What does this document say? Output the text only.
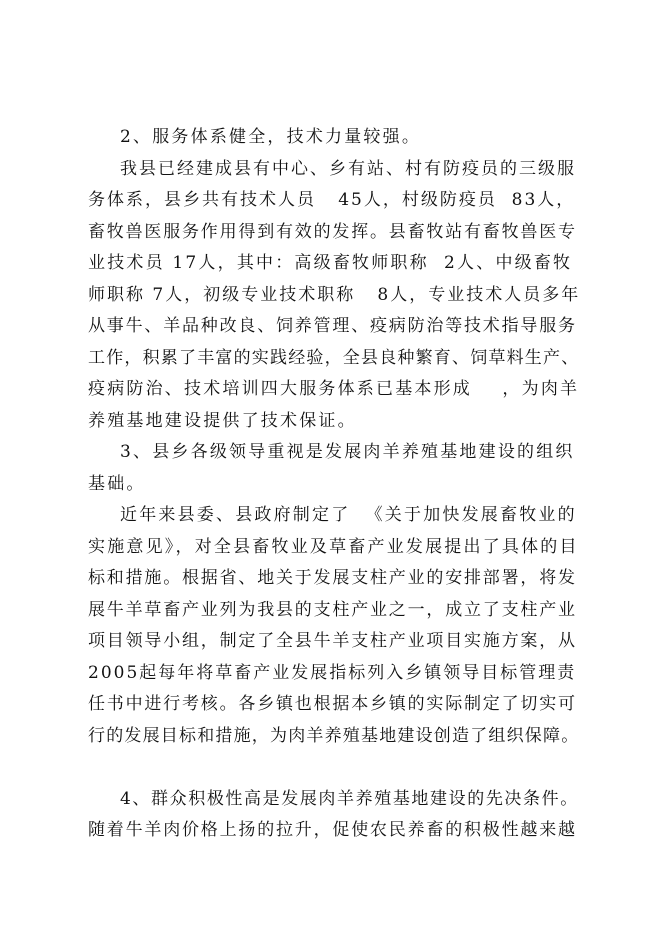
2、服务体系健全，技术力量较强。
我县已经建成县有中心、乡有站、村有防疫员的三级服
务体系，县乡共有技术人员   45人，村级防疫员  83人，
畜牧兽医服务作用得到有效的发挥。县畜牧站有畜牧兽医专
业技术员 17人，其中：高级畜牧师职称  2人、中级畜牧
师职称 7人，初级专业技术职称   8人，专业技术人员多年
从事牛、羊品种改良、饲养管理、疫病防治等技术指导服务
工作，积累了丰富的实践经验，全县良种繁育、饲草料生产、
疫病防治、技术培训四大服务体系已基本形成    ，为肉羊
养殖基地建设提供了技术保证。
3、县乡各级领导重视是发展肉羊养殖基地建设的组织
基础。
近年来县委、县政府制定了  《关于加快发展畜牧业的
实施意见》，对全县畜牧业及草畜产业发展提出了具体的目
标和措施。根据省、地关于发展支柱产业的安排部署，将发
展牛羊草畜产业列为我县的支柱产业之一，成立了支柱产业
项目领导小组，制定了全县牛羊支柱产业项目实施方案，从
2005起每年将草畜产业发展指标列入乡镇领导目标管理责
任书中进行考核。各乡镇也根据本乡镇的实际制定了切实可
行的发展目标和措施，为肉羊养殖基地建设创造了组织保障。
4、群众积极性高是发展肉羊养殖基地建设的先决条件。
随着牛羊肉价格上扬的拉升，促使农民养畜的积极性越来越
